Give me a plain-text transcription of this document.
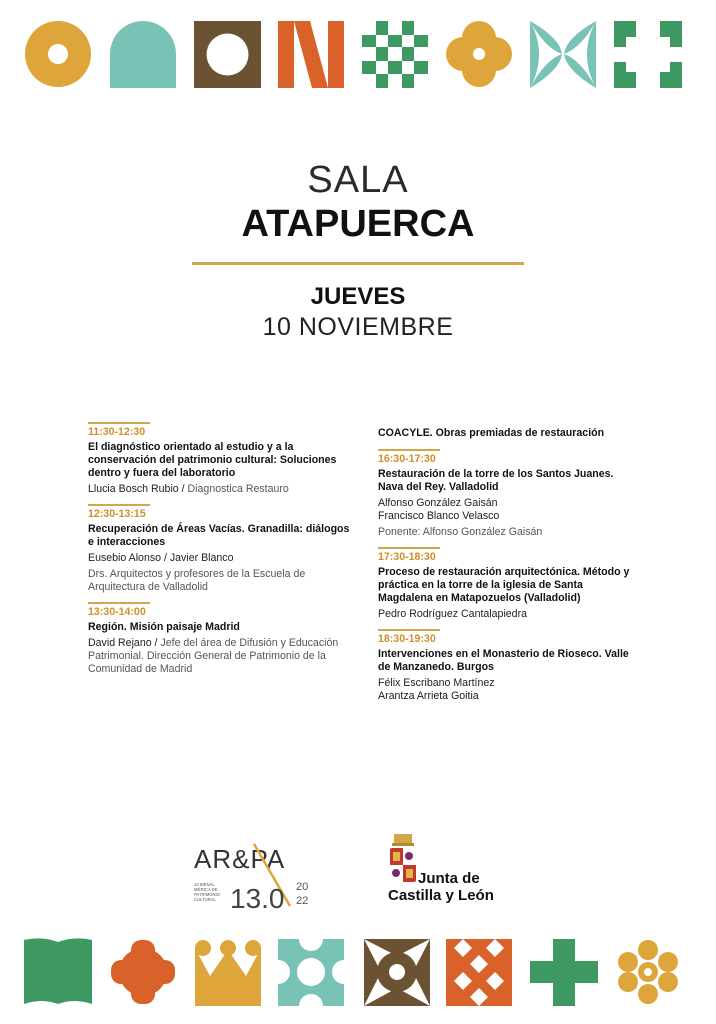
SALA
ATAPUERCA
JUEVES
10 NOVIEMBRE
11:30-12:30
El diagnóstico orientado al estudio y a la conservación del patrimonio cultural: Soluciones dentro y fuera del laboratorio
Llucia Bosch Rubio / Diagnostica Restauro
12:30-13:15
Recuperación de Áreas Vacías. Granadilla: diálogos e interacciones
Eusebio Alonso / Javier Blanco
Drs. Arquitectos y profesores de la Escuela de Arquitectura de Valladolid
13:30-14:00
Región. Misión paisaje Madrid
David Rejano / Jefe del área de Difusión y Educación Patrimonial. Dirección General de Patrimonio de la Comunidad de Madrid
COACYLE. Obras premiadas de restauración
16:30-17:30
Restauración de la torre de los Santos Juanes. Nava del Rey. Valladolid
Alfonso González Gaisán
Francisco Blanco Velasco
Ponente: Alfonso González Gaisán
17:30-18:30
Proceso de restauración arquitectónica. Método y práctica en la torre de la iglesia de Santa Magdalena en Matapozuelos (Valladolid)
Pedro Rodríguez Cantalapiedra
18:30-19:30
Intervenciones en el Monasterio de Rioseco. Valle de Manzanedo. Burgos
Félix Escribano Martínez
Arantza Arrieta Goitia
AR&PA
13 BIENAL
IBÉRICA DE
PATRIMONIO
CULTURAL 13.0 20
22
Junta de
Castilla y León
